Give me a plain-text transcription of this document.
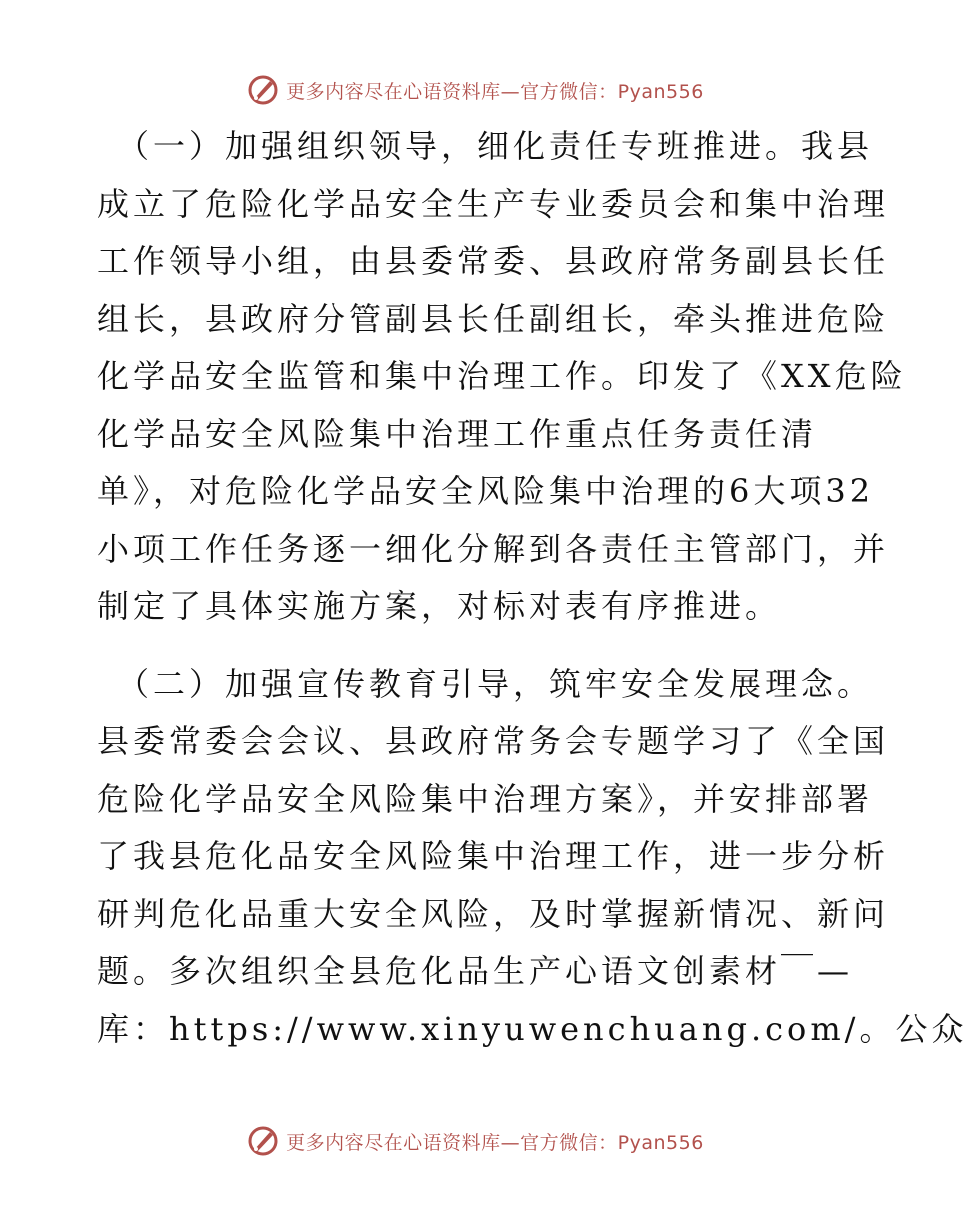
更多内容尽在心语资料库—官方微信：Pyan556
（一）加强组织领导，细化责任专班推进。我县
成立了危险化学品安全生产专业委员会和集中治理
工作领导小组，由县委常委、县政府常务副县长任
组长，县政府分管副县长任副组长，牵头推进危险
化学品安全监管和集中治理工作。印发了《XX危险
化学品安全风险集中治理工作重点任务责任清
单》，对危险化学品安全风险集中治理的6大项32
小项工作任务逐一细化分解到各责任主管部门，并
制定了具体实施方案，对标对表有序推进。
（二）加强宣传教育引导，筑牢安全发展理念。
县委常委会会议、县政府常务会专题学习了《全国
危险化学品安全风险集中治理方案》，并安排部署
了我县危化品安全风险集中治理工作，进一步分析
研判危化品重大安全风险，及时掌握新情况、新问
题。多次组织全县危化品生产心语文创素材￣—
库：https://www.xinyuwenchuang.com/。公众
更多内容尽在心语资料库—官方微信：Pyan556
